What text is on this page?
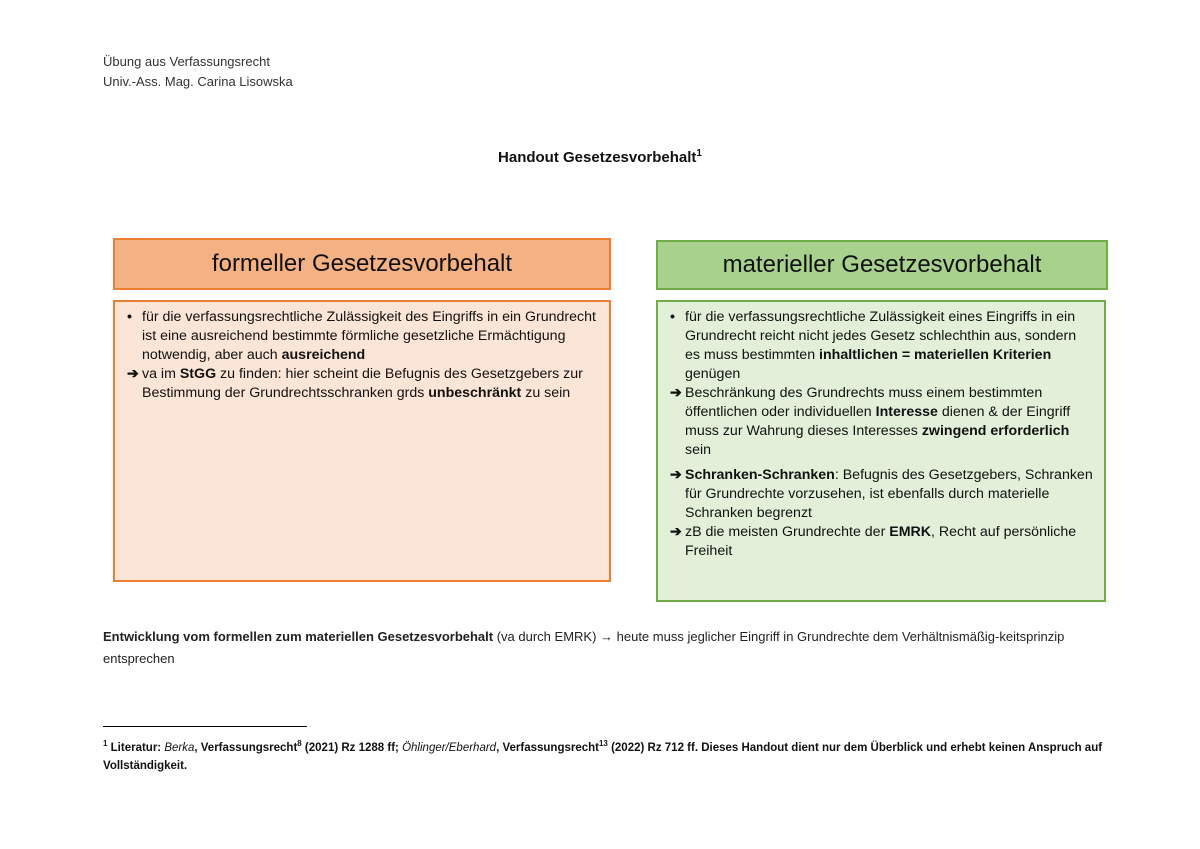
Übung aus Verfassungsrecht
Univ.-Ass. Mag. Carina Lisowska
Handout Gesetzesvorbehalt$^1$
formeller Gesetzesvorbehalt
• für die verfassungsrechtliche Zulässigkeit des Eingriffs in ein Grundrecht ist eine ausreichend bestimmte förmliche gesetzliche Ermächtigung notwendig, aber auch ausreichend
➔ va im StGG zu finden: hier scheint die Befugnis des Gesetzgebers zur Bestimmung der Grundrechtsschranken grds unbeschränkt zu sein
materieller Gesetzesvorbehalt
• für die verfassungsrechtliche Zulässigkeit eines Eingriffs in ein Grundrecht reicht nicht jedes Gesetz schlechthin aus, sondern es muss bestimmten inhaltlichen = materiellen Kriterien genügen
➔ Beschränkung des Grundrechts muss einem bestimmten öffentlichen oder individuellen Interesse dienen & der Eingriff muss zur Wahrung dieses Interesses zwingend erforderlich sein
➔ Schranken-Schranken: Befugnis des Gesetzgebers, Schranken für Grundrechte vorzusehen, ist ebenfalls durch materielle Schranken begrenzt
➔ zB die meisten Grundrechte der EMRK, Recht auf persönliche Freiheit
Entwicklung vom formellen zum materiellen Gesetzesvorbehalt (va durch EMRK) → heute muss jeglicher Eingriff in Grundrechte dem Verhältnismäßig-keitsprinzip entsprechen
$^1$ Literatur: Berka, Verfassungsrecht$^8$ (2021) Rz 1288 ff; Öhlinger/Eberhard, Verfassungsrecht$^{13}$ (2022) Rz 712 ff. Dieses Handout dient nur dem Überblick und erhebt keinen Anspruch auf Vollständigkeit.
